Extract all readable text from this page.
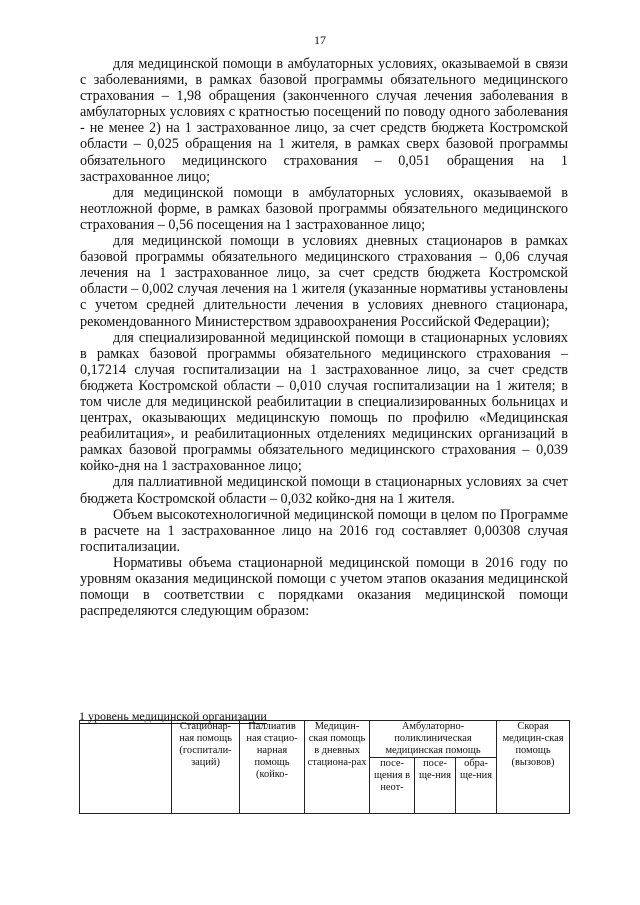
17

для медицинской помощи в амбулаторных условиях, оказываемой в связи с заболеваниями, в рамках базовой программы обязательного медицинского страхования – 1,98 обращения (законченного случая лечения заболевания в амбулаторных условиях с кратностью посещений по поводу одного заболевания - не менее 2) на 1 застрахованное лицо, за счет средств бюджета Костромской области – 0,025 обращения на 1 жителя, в рамках сверх базовой программы обязательного медицинского страхования – 0,051 обращения на 1 застрахованное лицо;

для медицинской помощи в амбулаторных условиях, оказываемой в неотложной форме, в рамках базовой программы обязательного медицинского страхования – 0,56 посещения на 1 застрахованное лицо;

для медицинской помощи в условиях дневных стационаров в рамках базовой программы обязательного медицинского страхования – 0,06 случая лечения на 1 застрахованное лицо, за счет средств бюджета Костромской области – 0,002 случая лечения на 1 жителя (указанные нормативы установлены с учетом средней длительности лечения в условиях дневного стационара, рекомендованного Министерством здравоохранения Российской Федерации);

для специализированной медицинской помощи в стационарных условиях в рамках базовой программы обязательного медицинского страхования – 0,17214 случая госпитализации на 1 застрахованное лицо, за счет средств бюджета Костромской области – 0,010 случая госпитализации на 1 жителя; в том числе для медицинской реабилитации в специализированных больницах и центрах, оказывающих медицинскую помощь по профилю «Медицинская реабилитация», и реабилитационных отделениях медицинских организаций в рамках базовой программы обязательного медицинского страхования – 0,039 койко-дня на 1 застрахованное лицо;

для паллиативной медицинской помощи в стационарных условиях за счет бюджета Костромской области – 0,032 койко-дня на 1 жителя.

Объем высокотехнологичной медицинской помощи в целом по Программе в расчете на 1 застрахованное лицо на 2016 год составляет 0,00308 случая госпитализации.

Нормативы объема стационарной медицинской помощи в 2016 году по уровням оказания медицинской помощи с учетом этапов оказания медицинской помощи в соответствии с порядками оказания медицинской помощи распределяются следующим образом:

1 уровень медицинской организации

	Стационар-ная помощь (госпитали-заций)	Паллиатив ная стацио-нарная помощь (койко-	Медицин-ская помощь в дневных стациона-рах	Амбулаторно-поликлиническая медицинская помощь			Скорая медицин-ская помощь (вызовов)

				посе-щения в неот-	посе-ще-ния	обра-ще-ния	
